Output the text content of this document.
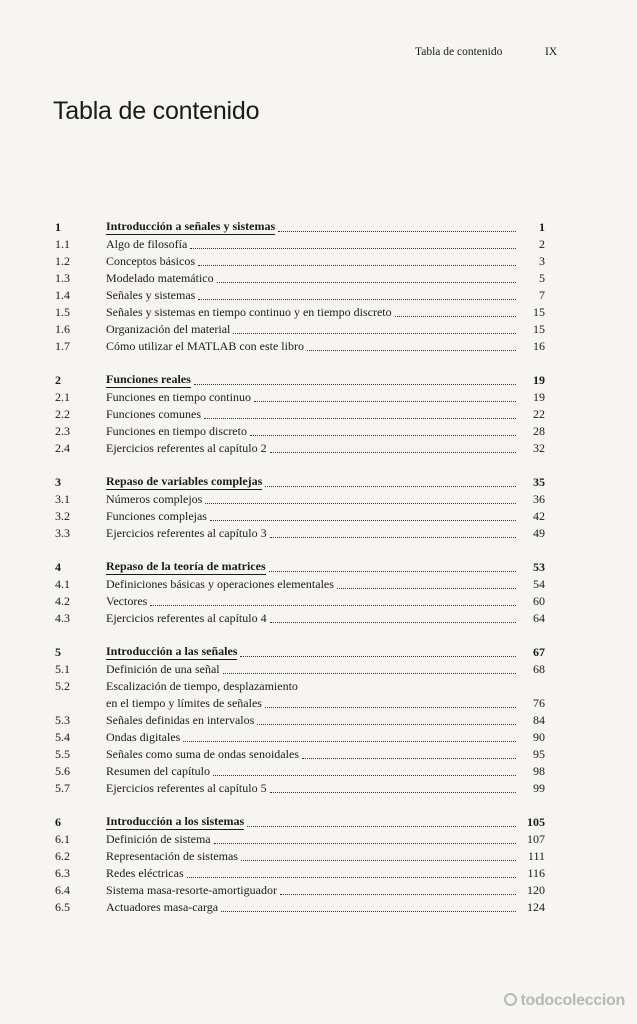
Tabla de contenido	IX
Tabla de contenido
1	Introducción a señales y sistemas	1
1.1	Algo de filosofía	2
1.2	Conceptos básicos	3
1.3	Modelado matemático	5
1.4	Señales y sistemas	7
1.5	Señales y sistemas en tiempo continuo y en tiempo discreto	15
1.6	Organización del material	15
1.7	Cómo utilizar el MATLAB con este libro	16
2	Funciones reales	19
2.1	Funciones en tiempo continuo	19
2.2	Funciones comunes	22
2.3	Funciones en tiempo discreto	28
2.4	Ejercicios referentes al capítulo 2	32
3	Repaso de variables complejas	35
3.1	Números complejos	36
3.2	Funciones complejas	42
3.3	Ejercicios referentes al capítulo 3	49
4	Repaso de la teoría de matrices	53
4.1	Definiciones básicas y operaciones elementales	54
4.2	Vectores	60
4.3	Ejercicios referentes al capítulo 4	64
5	Introducción a las señales	67
5.1	Definición de una señal	68
5.2	Escalización de tiempo, desplazamiento
en el tiempo y límites de señales	76
5.3	Señales definidas en intervalos	84
5.4	Ondas digitales	90
5.5	Señales como suma de ondas senoidales	95
5.6	Resumen del capítulo	98
5.7	Ejercicios referentes al capítulo 5	99
6	Introducción a los sistemas	105
6.1	Definición de sistema	107
6.2	Representación de sistemas	111
6.3	Redes eléctricas	116
6.4	Sistema masa-resorte-amortiguador	120
6.5	Actuadores masa-carga	124
todocoleccion
